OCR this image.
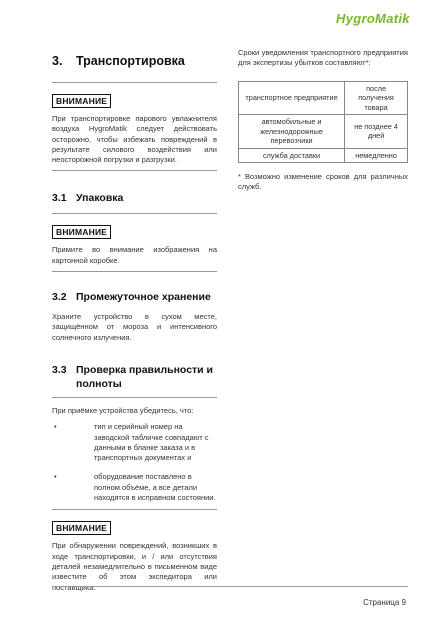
HygroMatik
3.	Транспортировка
ВНИМАНИЕ

При транспортировке парового увлажнителя воздуха HygroMatik следует действовать осторожно, чтобы избежать повреждений в результате силового воздействия или неосторожной погрузки и разгрузки.

3.1 Упаковка
ВНИМАНИЕ

Примите во внимание изображения на картонной коробке.

3.2 Промежуточное хранение

Храните устройство в сухом месте, защищённом от мороза и интенсивного солнечного излучения.

3.3 Проверка правильности и полноты

При приёмке устройства убедитесь, что:

•	тип и серийный номер на заводской табличке совпадают с данными в бланке заказа и в транспортных документах и
•	оборудование поставлено в полном объёме, а все детали находятся в исправном состоянии.
ВНИМАНИЕ

При обнаружении повреждений, возникших в ходе транспортировки, и / или отсутствия деталей незамедлительно в письменном виде известите об этом экспедитора или поставщика.

Сроки уведомления транспортного предприятия для экспертизы убытков составляют*:

транспортное предприятие	после получения товара
автомобильные и железнодорожные перевозчики	не позднее 4 дней
служба доставки	немедленно

* Возможно изменение сроков для различных служб.

Страница 9
